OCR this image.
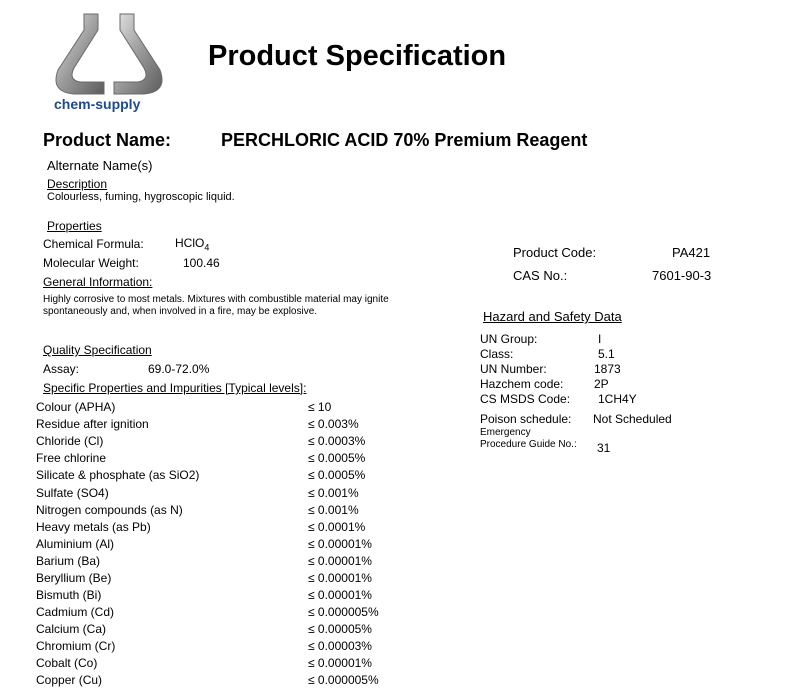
chem-supply
Product Specification
Product Name:	PERCHLORIC ACID 70% Premium Reagent
Alternate Name(s)
Description
Colourless, fuming, hygroscopic liquid.
Properties
Chemical Formula:	HClO$_4$
Molecular Weight:	100.46
General Information:
Highly corrosive to most metals. Mixtures with combustible material may ignite
spontaneously and, when involved in a fire, may be explosive.
Product Code:	PA421
CAS No.:	7601-90-3
Hazard and Safety Data
UN Group:	I
Class:	5.1
UN Number:	1873
Hazchem code:	2P
CS MSDS Code: 1CH4Y
Poison schedule: Not Scheduled
Emergency
Procedure Guide No.: 31
Quality Specification
Assay:	69.0-72.0%
Specific Properties and Impurities [Typical levels]:
Colour (APHA)	≤ 10
Residue after ignition	≤ 0.003%
Chloride (Cl)	≤ 0.0003%
Free chlorine	≤ 0.0005%
Silicate & phosphate (as SiO2)	≤ 0.0005%
Sulfate (SO4)	≤ 0.001%
Nitrogen compounds (as N)	≤ 0.001%
Heavy metals (as Pb)	≤ 0.0001%
Aluminium (Al)	≤ 0.00001%
Barium (Ba)	≤ 0.00001%
Beryllium (Be)	≤ 0.00001%
Bismuth (Bi)	≤ 0.00001%
Cadmium (Cd)	≤ 0.000005%
Calcium (Ca)	≤ 0.00005%
Chromium (Cr)	≤ 0.00003%
Cobalt (Co)	≤ 0.00001%
Copper (Cu)	≤ 0.000005%
